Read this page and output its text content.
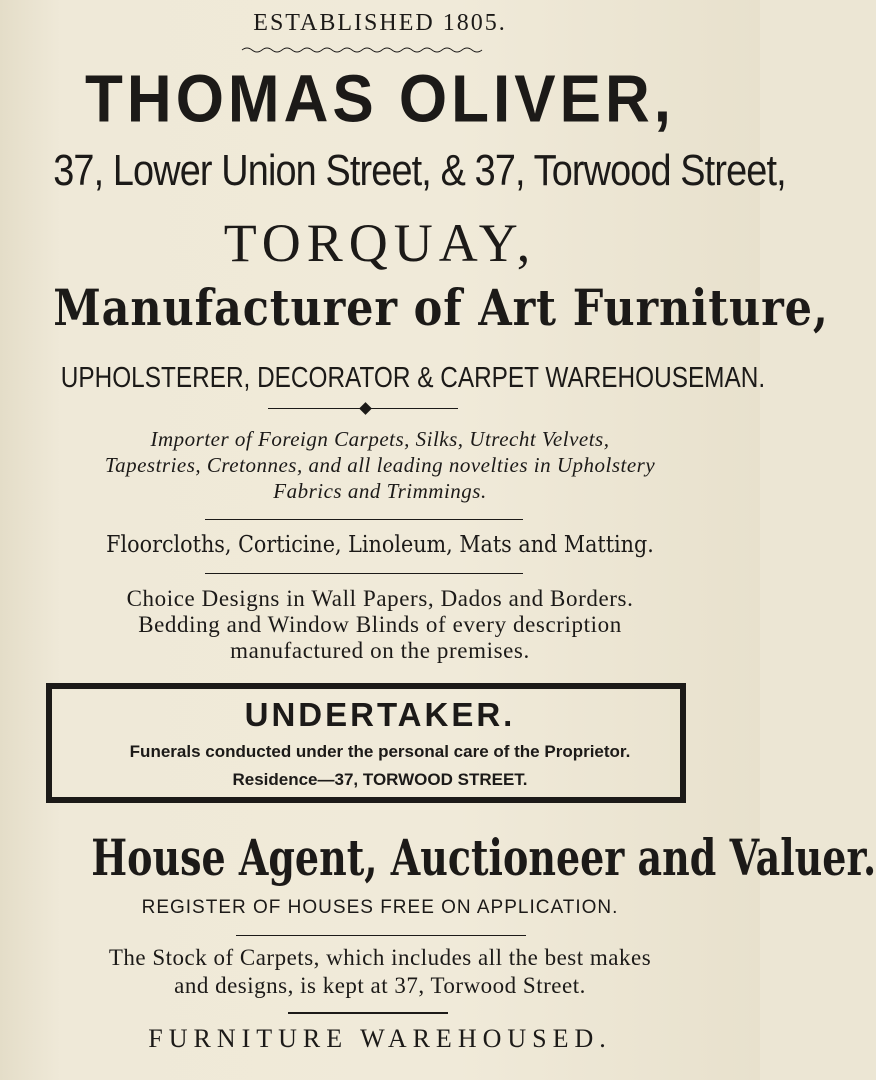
ESTABLISHED 1805.
THOMAS OLIVER,
37, Lower Union Street, & 37, Torwood Street,
TORQUAY,
Manufacturer of Art Furniture,
UPHOLSTERER, DECORATOR & CARPET WAREHOUSEMAN.
Importer of Foreign Carpets, Silks, Utrecht Velvets,
Tapestries, Cretonnes, and all leading novelties in Upholstery
Fabrics and Trimmings.
Floorcloths, Corticine, Linoleum, Mats and Matting.
Choice Designs in Wall Papers, Dados and Borders.
Bedding and Window Blinds of every description
manufactured on the premises.
UNDERTAKER.
Funerals conducted under the personal care of the Proprietor.
Residence—37, TORWOOD STREET.
House Agent, Auctioneer and Valuer.
REGISTER OF HOUSES FREE ON APPLICATION.
The Stock of Carpets, which includes all the best makes
and designs, is kept at 37, Torwood Street.
FURNITURE WAREHOUSED.
